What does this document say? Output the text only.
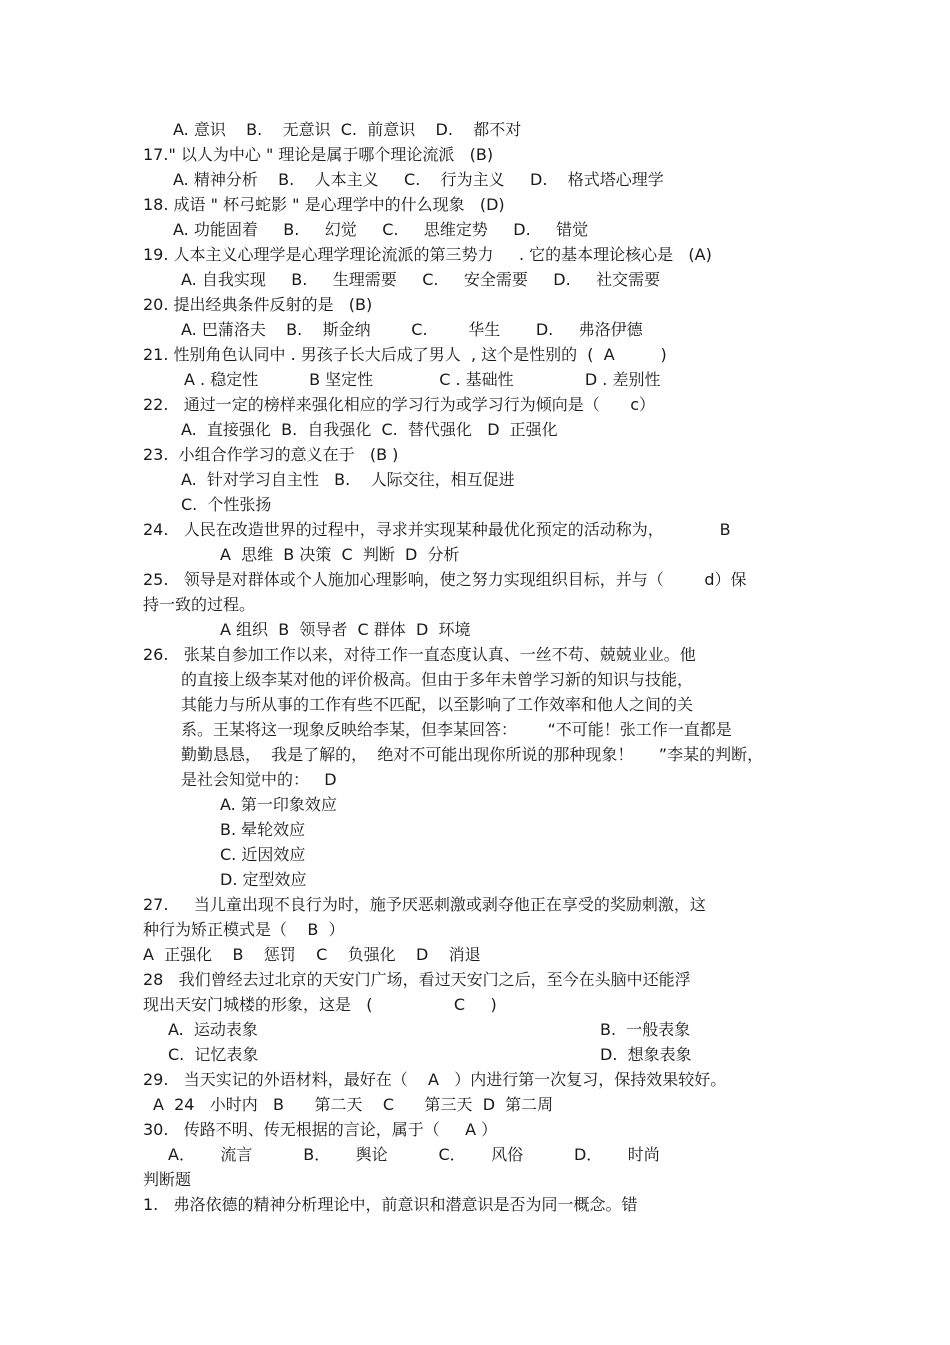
A. 意识    B.    无意识  C.  前意识    D.    都不对
17." 以人为中心 " 理论是属于哪个理论流派   (B)
A. 精神分析    B.    人本主义     C.    行为主义     D.    格式塔心理学
18. 成语 " 杯弓蛇影 " 是心理学中的什么现象   (D)
A. 功能固着     B.     幻觉     C.     思维定势     D.     错觉
19. 人本主义心理学是心理学理论流派的第三势力     . 它的基本理论核心是   (A)
A. 自我实现     B.     生理需要     C.     安全需要     D.     社交需要
20. 提出经典条件反射的是   (B)
A. 巴蒲洛夫    B.    斯金纳        C.        华生       D.     弗洛伊德
21. 性别角色认同中 . 男孩子长大后成了男人  , 这个是性别的  (  A         )
A . 稳定性          B 坚定性             C . 基础性              D . 差别性
22.   通过一定的榜样来强化相应的学习行为或学习行为倾向是（      c）
A.  直接强化  B.  自我强化  C.  替代强化   D  正强化
23.  小组合作学习的意义在于   (B )
A.  针对学习自主性   B.    人际交往，相互促进
C.  个性张扬
24.   人民在改造世界的过程中，寻求并实现某种最优化预定的活动称为，           B
A  思维  B 决策  C  判断  D  分析
25.   领导是对群体或个人施加心理影响，使之努力实现组织目标，并与（        d）保
持一致的过程。
A 组织  B  领导者  C 群体  D  环境
26.   张某自参加工作以来，对待工作一直态度认真、一丝不苟、兢兢业业。他
的直接上级李某对他的评价极高。但由于多年未曾学习新的知识与技能，
其能力与所从事的工作有些不匹配，以至影响了工作效率和他人之间的关
系。王某将这一现象反映给李某，但李某回答：      “不可能！张工作一直都是
勤勤恳恳，  我是了解的，  绝对不可能出现你所说的那种现象！     ”李某的判断，
是社会知觉中的：   D
A. 第一印象效应
B. 晕轮效应
C. 近因效应
D. 定型效应
27.     当儿童出现不良行为时，施予厌恶刺激或剥夺他正在享受的奖励刺激，这
种行为矫正模式是（    B  ）
A  正强化    B    惩罚    C    负强化    D    消退
28   我们曾经去过北京的天安门广场，看过天安门之后，至今在头脑中还能浮
现出天安门城楼的形象，这是   (                C     )
A.  运动表象	B.  一般表象
C.  记忆表象	D.  想象表象
29.   当天实记的外语材料，最好在（    A   ）内进行第一次复习，保持效果较好。
A  24   小时内   B      第二天    C      第三天  D  第二周
30.   传路不明、传无根据的言论，属于（     A ）
A．     流言          B．     舆论          C．     风俗          D．     时尚
判断题
1.   弗洛依德的精神分析理论中，前意识和潜意识是否为同一概念。错
